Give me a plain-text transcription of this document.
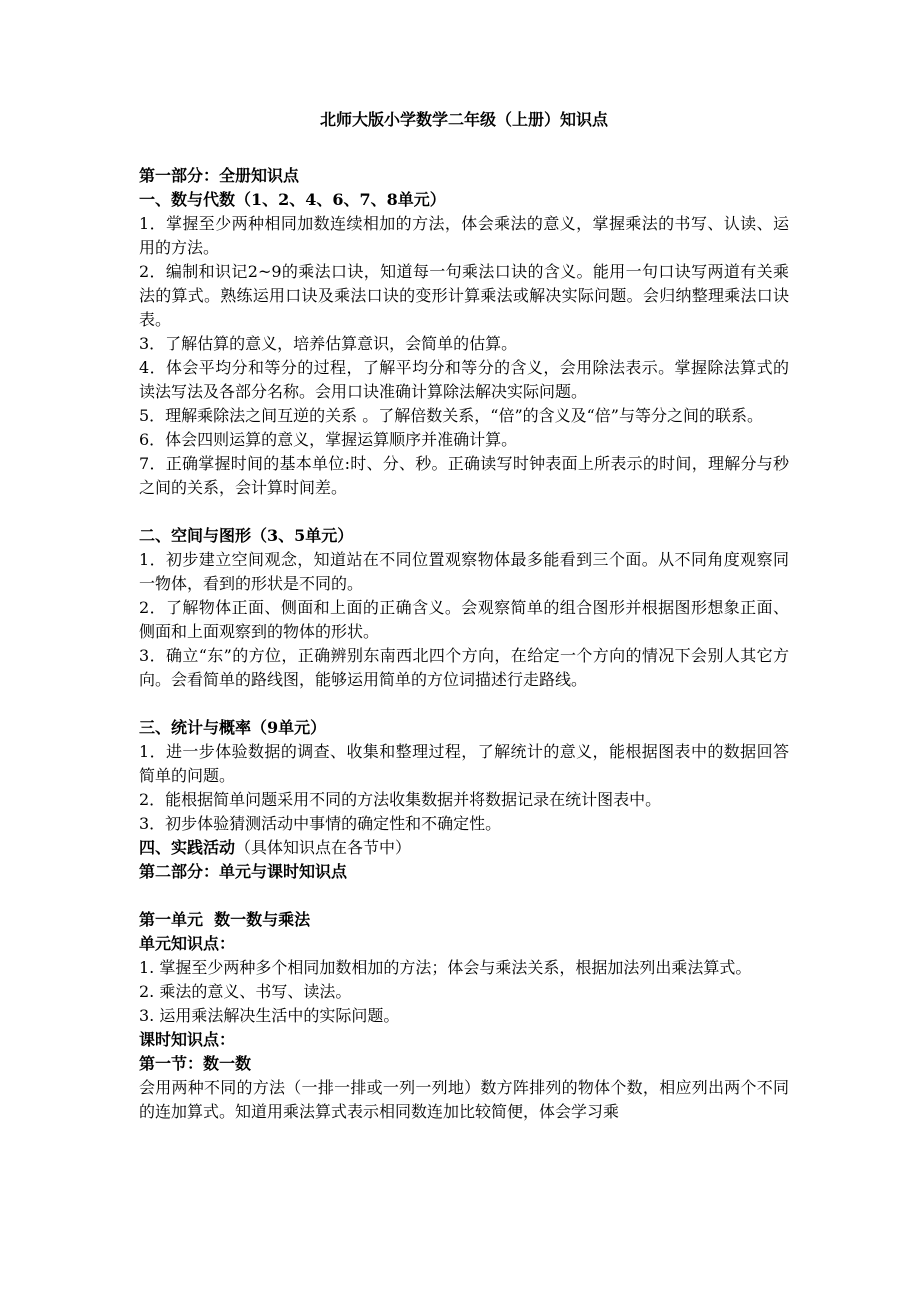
北师大版小学数学二年级（上册）知识点
第一部分：全册知识点
一、数与代数（1、2、4、6、7、8单元）
1．掌握至少两种相同加数连续相加的方法，体会乘法的意义，掌握乘法的书写、认读、运用的方法。
2．编制和识记2~9的乘法口诀，知道每一句乘法口诀的含义。能用一句口诀写两道有关乘法的算式。熟练运用口诀及乘法口诀的变形计算乘法或解决实际问题。会归纳整理乘法口诀表。
3．了解估算的意义，培养估算意识，会简单的估算。
4．体会平均分和等分的过程，了解平均分和等分的含义，会用除法表示。掌握除法算式的读法写法及各部分名称。会用口诀准确计算除法解决实际问题。
5．理解乘除法之间互逆的关系 。了解倍数关系，“倍”的含义及“倍”与等分之间的联系。
6．体会四则运算的意义，掌握运算顺序并准确计算。
7．正确掌握时间的基本单位:时、分、秒。正确读写时钟表面上所表示的时间，理解分与秒之间的关系，会计算时间差。
二、空间与图形（3、5单元）
1．初步建立空间观念，知道站在不同位置观察物体最多能看到三个面。从不同角度观察同一物体，看到的形状是不同的。
2．了解物体正面、侧面和上面的正确含义。会观察简单的组合图形并根据图形想象正面、侧面和上面观察到的物体的形状。
3．确立“东”的方位，正确辨别东南西北四个方向，在给定一个方向的情况下会别人其它方向。会看简单的路线图，能够运用简单的方位词描述行走路线。
三、统计与概率（9单元）
1．进一步体验数据的调查、收集和整理过程，了解统计的意义，能根据图表中的数据回答简单的问题。
2．能根据简单问题采用不同的方法收集数据并将数据记录在统计图表中。
3．初步体验猜测活动中事情的确定性和不确定性。
四、实践活动（具体知识点在各节中）
第二部分：单元与课时知识点
第一单元  数一数与乘法
单元知识点：
1. 掌握至少两种多个相同加数相加的方法；体会与乘法关系，根据加法列出乘法算式。
2. 乘法的意义、书写、读法。
3. 运用乘法解决生活中的实际问题。
课时知识点：
第一节：数一数
会用两种不同的方法（一排一排或一列一列地）数方阵排列的物体个数，相应列出两个不同的连加算式。知道用乘法算式表示相同数连加比较简便，体会学习乘
